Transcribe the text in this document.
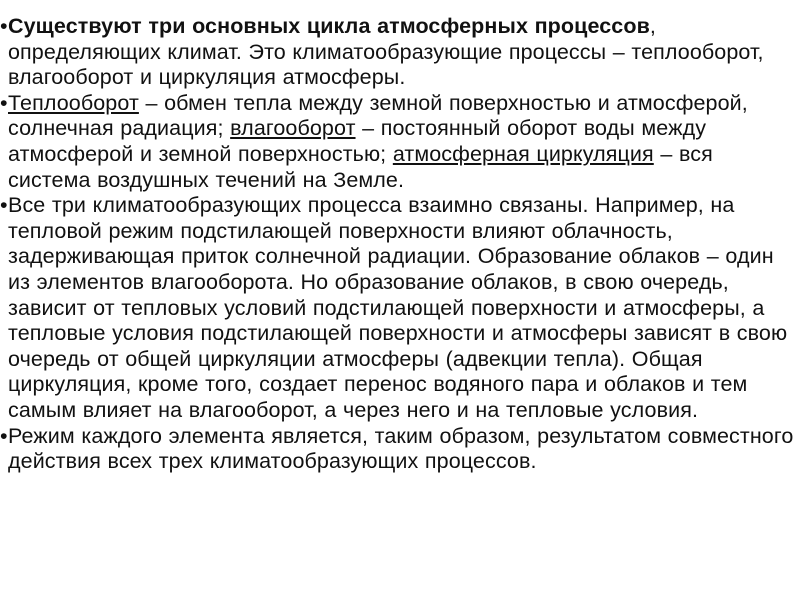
• Существуют три основных цикла атмосферных процессов, определяющих климат. Это климатообразующие процессы – теплооборот, влагооборот и циркуляция атмосферы.
• Теплооборот – обмен тепла между земной поверхностью и атмосферой, солнечная радиация; влагооборот – постоянный оборот воды между атмосферой и земной поверхностью; атмосферная циркуляция – вся система воздушных течений на Земле.
• Все три климатообразующих процесса взаимно связаны. Например, на тепловой режим подстилающей поверхности влияют облачность, задерживающая приток солнечной радиации. Образование облаков – один из элементов влагооборота. Но образование облаков, в свою очередь, зависит от тепловых условий подстилающей поверхности и атмосферы, а тепловые условия подстилающей поверхности и атмосферы зависят в свою очередь от общей циркуляции атмосферы (адвекции тепла). Общая циркуляция, кроме того, создает перенос водяного пара и облаков и тем самым влияет на влагооборот, а через него и на тепловые условия.
• Режим каждого элемента является, таким образом, результатом совместного действия всех трех климатообразующих процессов.
